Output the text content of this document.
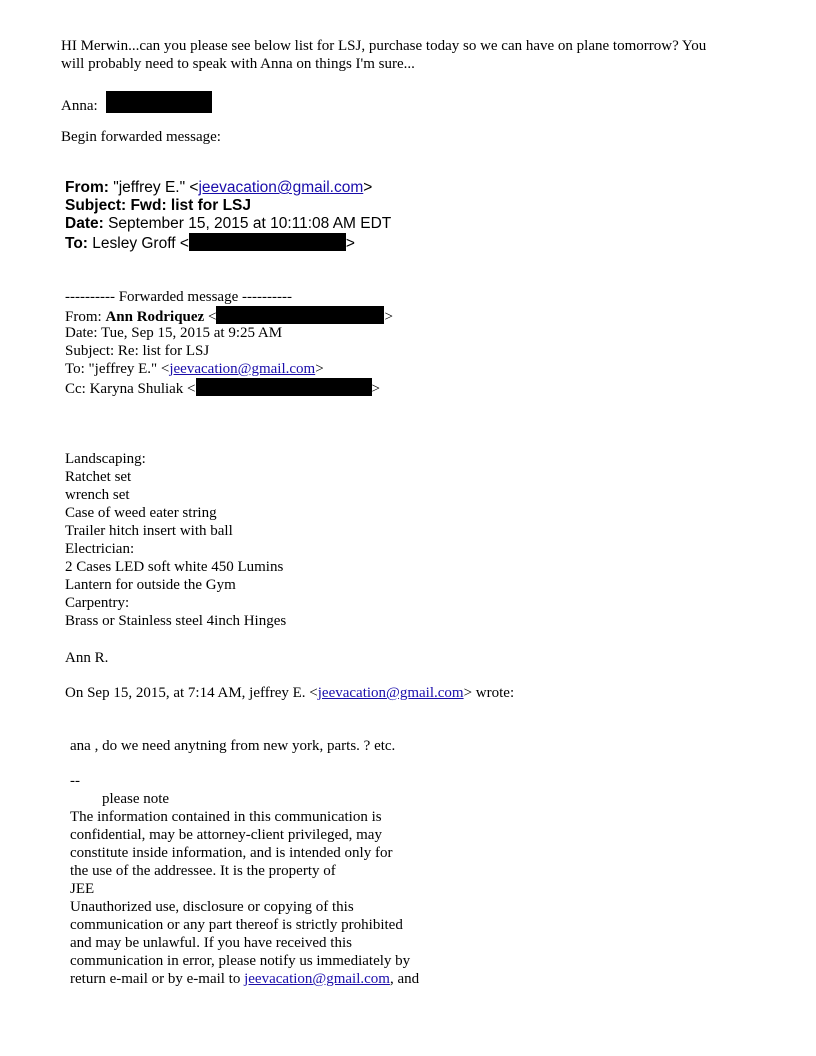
HI Merwin...can you please see below list for LSJ, purchase today so we can have on plane tomorrow? You
will probably need to speak with Anna on things I'm sure...
Anna:
Begin forwarded message:
From: "jeffrey E." <jeevacation@gmail.com>
Subject: Fwd: list for LSJ
Date: September 15, 2015 at 10:11:08 AM EDT
To: Lesley Groff <	>
---------- Forwarded message ----------
From: Ann Rodriquez <	>
Date: Tue, Sep 15, 2015 at 9:25 AM
Subject: Re: list for LSJ
To: "jeffrey E." <jeevacation@gmail.com>
Cc: Karyna Shuliak <	>
Landscaping:
Ratchet set
wrench set
Case of weed eater string
Trailer hitch insert with ball
Electrician:
2 Cases LED soft white 450 Lumins
Lantern for outside the Gym
Carpentry:
Brass or Stainless steel 4inch Hinges
Ann R.
On Sep 15, 2015, at 7:14 AM, jeffrey E. <jeevacation@gmail.com> wrote:
ana , do we need anytning from new york, parts. ? etc.
--
please note
The information contained in this communication is
confidential, may be attorney-client privileged, may
constitute inside information, and is intended only for
the use of the addressee. It is the property of
JEE
Unauthorized use, disclosure or copying of this
communication or any part thereof is strictly prohibited
and may be unlawful. If you have received this
communication in error, please notify us immediately by
return e-mail or by e-mail to jeevacation@gmail.com, and
